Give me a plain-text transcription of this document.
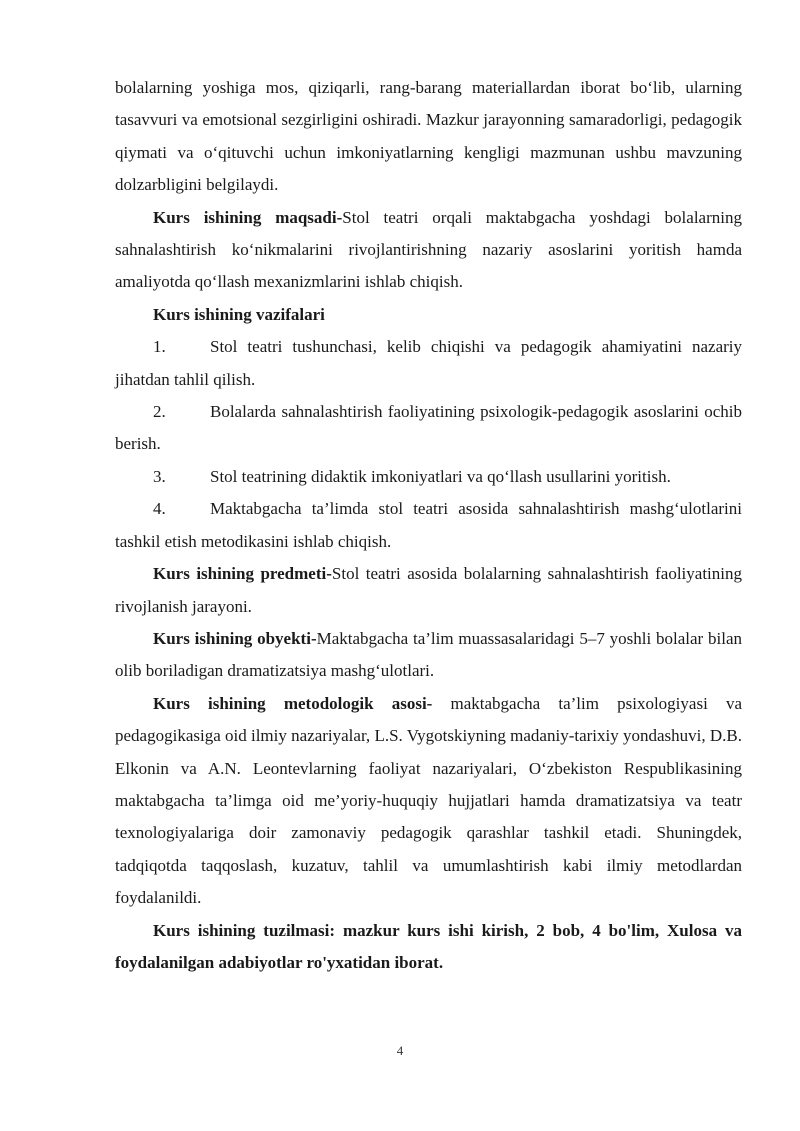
bolalarning yoshiga mos, qiziqarli, rang-barang materiallardan iborat bo‘lib, ularning tasavvuri va emotsional sezgirligini oshiradi. Mazkur jarayonning samaradorligi, pedagogik qiymati va o‘qituvchi uchun imkoniyatlarning kengligi mazmunan ushbu mavzuning dolzarbligini belgilaydi.

Kurs ishining maqsadi-Stol teatri orqali maktabgacha yoshdagi bolalarning sahnalashtirish ko‘nikmalarini rivojlantirishning nazariy asoslarini yoritish hamda amaliyotda qo‘llash mexanizmlarini ishlab chiqish.

Kurs ishining vazifalari

1.	Stol teatri tushunchasi, kelib chiqishi va pedagogik ahamiyatini nazariy jihatdan tahlil qilish.

2.	Bolalarda sahnalashtirish faoliyatining psixologik-pedagogik asoslarini ochib berish.

3.	Stol teatrining didaktik imkoniyatlari va qo‘llash usullarini yoritish.

4.	Maktabgacha ta’limda stol teatri asosida sahnalashtirish mashg‘ulotlarini tashkil etish metodikasini ishlab chiqish.

Kurs ishining predmeti-Stol teatri asosida bolalarning sahnalashtirish faoliyatining rivojlanish jarayoni.

Kurs ishining obyekti-Maktabgacha ta’lim muassasalaridagi 5–7 yoshli bolalar bilan olib boriladigan dramatizatsiya mashg‘ulotlari.

Kurs ishining metodologik asosi- maktabgacha ta’lim psixologiyasi va pedagogikasiga oid ilmiy nazariyalar, L.S. Vygotskiyning madaniy-tarixiy yondashuvi, D.B. Elkonin va A.N. Leontevlarning faoliyat nazariyalari, O‘zbekiston Respublikasining maktabgacha ta’limga oid me’yoriy-huquqiy hujjatlari hamda dramatizatsiya va teatr texnologiyalariga doir zamonaviy pedagogik qarashlar tashkil etadi. Shuningdek, tadqiqotda taqqoslash, kuzatuv, tahlil va umumlashtirish kabi ilmiy metodlardan foydalanildi.

Kurs ishining tuzilmasi: mazkur kurs ishi kirish, 2 bob, 4 bo'lim, Xulosa va foydalanilgan adabiyotlar ro'yxatidan iborat.

4
